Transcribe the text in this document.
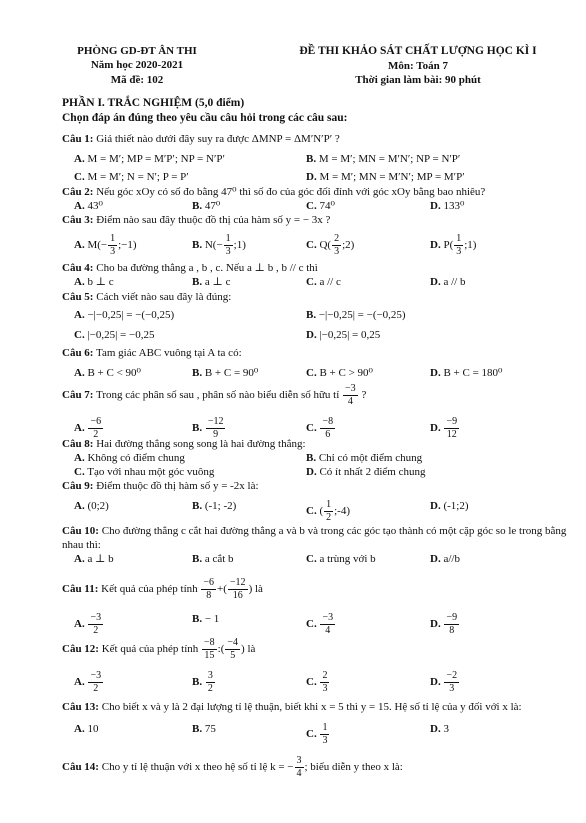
PHÒNG GD-ĐT ÂN THI
Năm học 2020-2021
Mã đề: 102
ĐỀ THI KHẢO SÁT CHẤT LƯỢNG HỌC KÌ I
Môn: Toán 7
Thời gian làm bài: 90 phút
PHẦN I. TRẮC NGHIỆM (5,0 điểm)
Chọn đáp án đúng theo yêu cầu câu hỏi trong các câu sau:
Câu 1: Giả thiết nào dưới đây suy ra được ΔMNP = ΔM′N′P′ ?
A. M = M′; MP = M′P′; NP = N′P′	B. M = M′; MN = M′N′; NP = N′P′
C. M = M′; N = N′; P = P′	D. M = M′; MN = M′N′; MP = M′P′
Câu 2: Nếu góc xOy có số đo bằng 47⁰ thì số đo của góc đối đỉnh với góc xOy bằng bao nhiêu?
A. 43⁰	B. 47⁰	C. 74⁰	D. 133⁰
Câu 3: Điểm nào sau đây thuộc đồ thị của hàm số y = − 3x ?
A. $M(- \frac{1}{3}$ ;−1)	B. $N(- \frac{1}{3}$ ;1)	C. $Q( \frac{2}{3}$ ;2)	D. $P( \frac{1}{3}$ ;1)
Câu 4: Cho ba đường thẳng a , b , c. Nếu a ⊥ b , b // c thì
A. b ⊥ c	B. a ⊥ c	C. a // c	D. a // b
Câu 5: Cách viết nào sau đây là đúng:
A. −|−0,25| = −(−0,25)	B. −|−0,25| = −(−0,25)
C. |−0,25| = −0,25	D. |−0,25| = 0,25
Câu 6: Tam giác ABC vuông tại A ta có:
A. B + C < 90⁰	B. B + C = 90⁰	C. B + C > 90⁰	D. B + C = 180⁰
Câu 7: Trong các phân số sau , phân số nào biểu diễn số hữu tỉ $\frac{-3}{4}$ ?
A. $\frac{-6}{2}$	B. $\frac{-12}{9}$	C. $\frac{-8}{6}$	D. $\frac{-9}{12}$
Câu 8: Hai đường thẳng song song là hai đường thẳng:
A. Không có điểm chung	B. Chỉ có một điểm chung
C. Tạo với nhau một góc vuông	D. Có ít nhất 2 điểm chung
Câu 9: Điểm thuộc đồ thị hàm số y = -2x là:
A. (0;2)	B. (-1; -2)	C. ( $\frac{1}{2}$ ;-4)	D. (-1;2)
Câu 10: Cho đường thẳng c cắt hai đường thẳng a và b và trong các góc tạo thành có một cặp góc so le trong bằng nhau thì:
A. a ⊥ b	B. a cắt b	C. a trùng với b	D. a//b
Câu 11: Kết quả của phép tính $\frac{-6}{8}$ +( $\frac{-12}{16}$ ) là
A. $\frac{-3}{2}$	B. − 1	C. $\frac{-3}{4}$	D. $\frac{-9}{8}$
Câu 12: Kết quả của phép tính $\frac{-8}{15}$ :( $\frac{-4}{5}$ ) là
A. $\frac{-3}{2}$	B. $\frac{3}{2}$	C. $\frac{2}{3}$	D. $\frac{-2}{3}$
Câu 13: Cho biết x và y là 2 đại lượng tỉ lệ thuận, biết khi x = 5 thì y = 15. Hệ số tỉ lệ của y đối với x là:
A. 10	B. 75	C. $\frac{1}{3}$	D. 3
Câu 14: Cho y tỉ lệ thuận với x theo hệ số tỉ lệ k = − $\frac{3}{4}$ ; biểu diễn y theo x là:
